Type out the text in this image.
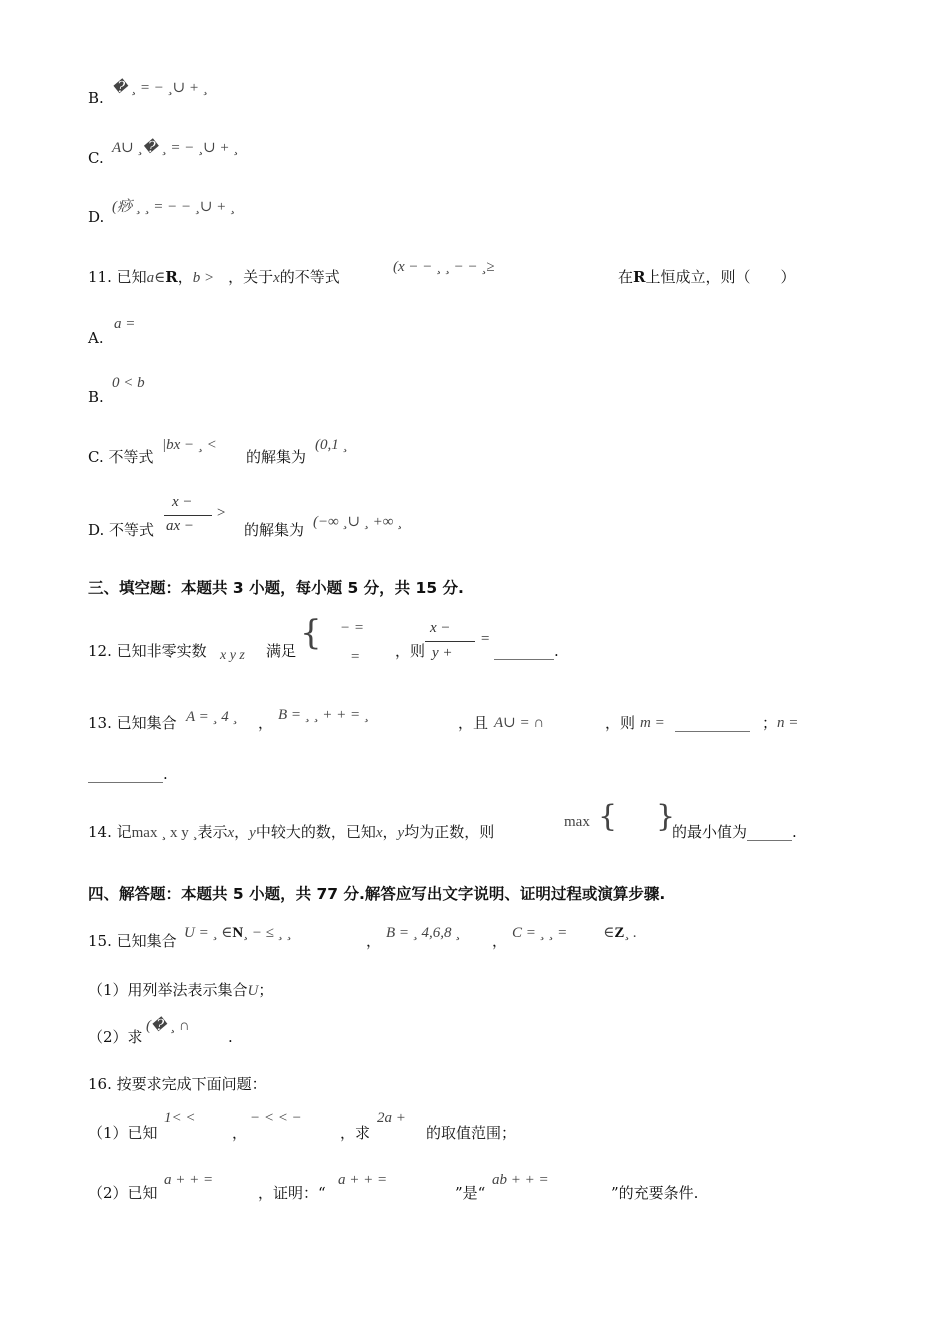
B.
� ¸ = − ¸∪ + ¸
C.
A∪ ¸� ¸ = − ¸∪ + ¸
D.
(痧 ¸ ¸ = − − ¸∪ + ¸
11. 已知a∈R，b > ，关于x的不等式
(x − − ¸ ¸ − − ¸≥
在R上恒成立，则（　　）
A.
a =
B.
0 < b
C. 不等式
|bx − ¸ <
的解集为
(0,1 ¸
D. 不等式
x −
ax −
>
的解集为 (−∞ ¸∪ ¸ +∞ ¸
三、填空题：本题共 3 小题，每小题 5 分，共 15 分.
12. 已知非零实数 x y z 满足 { − =
= ，则
x −
y +
=
________.
13. 已知集合 A = ¸ 4 ¸ ， B = ¸ ¸ + + = ¸	，且 A∪ = ∩	，则 m = __________ ； n =
__________.
14. 记max ¸ x y ¸表示x，y中较大的数，已知x，y均为正数，则
max { }
的最小值为______.
四、解答题：本题共 5 小题，共 77 分.解答应写出文字说明、证明过程或演算步骤.
15. 已知集合 U = ¸ ∈N¸ − ≤ ¸ ¸	， B = ¸ 4,6,8 ¸ ， C = ¸ ¸ = ∈Z¸ .
（1）用列举法表示集合U；
（2）求
(� ¸ ∩
.
16. 按要求完成下面问题：
（1）已知
1< <
，
− < < −
，求
2a +
的取值范围；
（2）已知
a + + =
，证明：“
a + + =
”是“
ab + + =
”的充要条件.
